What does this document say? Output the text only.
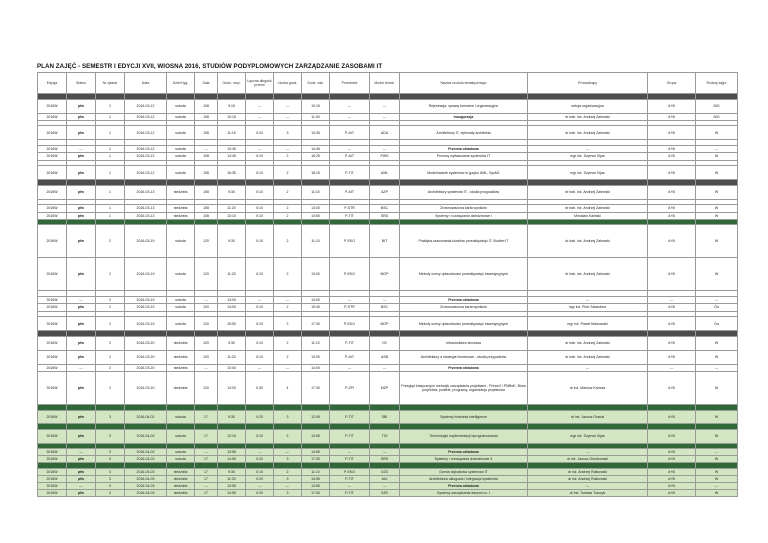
PLAN ZAJĘĆ - SEMESTR I EDYCJI XVII, WIOSNA 2016, STUDIÓW PODYPLOMOWYCH ZARZĄDZANIE ZASOBAMI IT
Edycja	Status	Nr zjazdu	Data	Dzień tyg.	Sala	Godz. rozp.	Łączna długość przerw	Liczba godz.	Godz. zak.	Przedmiot	Moduł temat.	Nazwa modułu tematycznego	Prowadzący	Grupa	Rodzaj zajęć

2016W	pfw	1	2016-03-12	sobota	108	9:15	---	---	10:15	---	---	Rejestracja, sprawy formalne i organizacyjne	sekcja organizacyjna	A+B	N/D
2016W	pfw	1	2016-03-12	sobota	108	10:15	---	---	11:00	---	---	Inauguracja	dr hab. inż. Andrzej Zalewski	A+B	N/D

2016W	pfw	1	2016-03-12	sobota	108	11:15	0:20	3	13:45	P-AIT	ADA	Architektury IT, dylematy architekta	dr hab. inż. Andrzej Zalewski	A+B	W

2016W	---	1	2016-03-12	sobota	---	13:45	---	---	14:45	---	---	Przerwa obiadowa	---	A+B	---
2016W	pfw	1	2016-03-12	sobota	108	14:45	0:10	2	16:25	P-AIT	PWS	Procesy wytwarzania systemów IT	mgr inż. Szymon Kijas	A+B	W

2016W	pfw	1	2016-03-12	sobota	108	16:35	0:10	2	18:15	P-TIT	UML	Modelowanie systemów w języku UML, SysML	mgr inż. Szymon Kijas	A+B	W

2016W	pfw	1	2016-03-13	niedziela	108	9:30	0:10	2	11:10	P-AIT	AZP	Architektury systemów IT - studia przypadków	dr hab. inż. Andrzej Zalewski	A+B	W

2016W	pfw	1	2016-03-13	niedziela	108	11:20	0:10	2	13:00	P-STR	BSC	Zrównoważona karta wyników	dr hab. inż. Andrzej Zalewski	A+B	W
2016W	pfw	1	2016-03-13	niedziela	108	13:10	0:10	2	14:50	P-TIT	SRD	Systemy i rozwiązania dziedzinowe I	Mirosław Kalinski	A+B	W

2016W	pfw	2	2016-03-19	sobota	120	9:30	0:10	2	11:10	P-EKO	BIT	Praktyka szacowania kosztów przedsięwzięć IT. Budżet IT	dr hab. inż. Andrzej Zalewski	A+B	W
2016W	pfw	2	2016-03-19	sobota	120	11:20	0:10	2	13:00	P-EKO	MOP	Metody oceny opłacalności przedsięwzięć inwestycyjnych	dr hab. inż. Andrzej Zalewski	A+B	W

2016W	---	2	2016-03-19	sobota	---	13:00	---	---	14:00	---	---	Przerwa obiadowa	---	---	---
2016W	pfw	2	2016-03-19	sobota	120	14:00	0:10	2	15:40	P-STR	BSC	Zrównoważona karta wyników	mgr inż. Piotr Sztandera	A+B	Ćw

2016W	pfw	2	2016-03-19	sobota	120	15:50	0:10	2	17:30	P-EKO	MOP	Metody oceny opłacalności przedsięwzięć inwestycyjnych	mgr inż. Paweł Markowski	A+B	Ćw

2016W	pfw	2	2016-03-20	niedziela	120	9:30	0:10	2	11:10	P-TIT	ISI	Infrastruktura sieciowa	dr hab. inż. Andrzej Zalewski	A+B	W
2016W	pfw	2	2016-03-20	niedziela	120	11:20	0:10	2	13:00	P-AIT	ASB	Architektury a strategie biznesowe - studia przypadków	dr hab. inż. Andrzej Zalewski	A+B	W
2016W	---	2	2016-03-20	niedziela	---	13:00	---	---	14:00	---	---	Przerwa obiadowa	---	---	---
2016W	pfw	2	2016-03-20	niedziela	120	14:00	0:30	4	17:30	P-ZPI	MZP	Przegląd klasycznych metodyk zarządzania projektami - Prince2 i PMBoK. Biura projektów, portfele, programy, organizacja projektowa	dr inż. Mariusz Kamola	A+B	W

2016W	pfw	3	2016-04-02	sobota	17	9:30	0:20	3	12:05	P-TIT	SBI	Systemy business intelligence	dr inż. Janusz Granat	A+B	W

2016W	pfw	3	2016-04-02	sobota	17	12:15	0:10	2	13:55	P-TIT	TIO	Technologie implementacji oprogramowania	mgr inż. Szymon Kijas	A+B	W

2016W	---	3	2016-04-02	sobota	---	13:55	---	---	14:55	---	---	Przerwa obiadowa	---	A+B	---
2016W	pfw	3	2016-04-02	sobota	17	14:55	0:20	3	17:30	P-TIT	SRD	Systemy i rozwiązania dziedzinowe II	dr inż. Janusz Gendrowski	A+B	W

2016W	pfw	3	2016-04-03	niedziela	17	9:30	0:10	2	11:10	P-EKO	OZS	Ocena dojrzałości systemów IT	dr inż. Andrzej Rutkowski	A+B	W
2016W	pfw	3	2016-04-03	niedziela	17	11:20	0:20	3	13:55	P-TIT	AUI	Architektura usługowa i integracja systemów	dr inż. Andrzej Rutkowski	A+B	W
2016W	---	3	2016-04-03	niedziela	---	13:55	---	---	14:55	---	---	Przerwa obiadowa	---	A+B	---
2016W	pfw	3	2016-04-03	niedziela	17	14:55	0:20	3	17:30	P-TIT	SZD	Systemy zarządzania danymi cz. I	dr inż. Tomasz Traczyk	A+B	W
